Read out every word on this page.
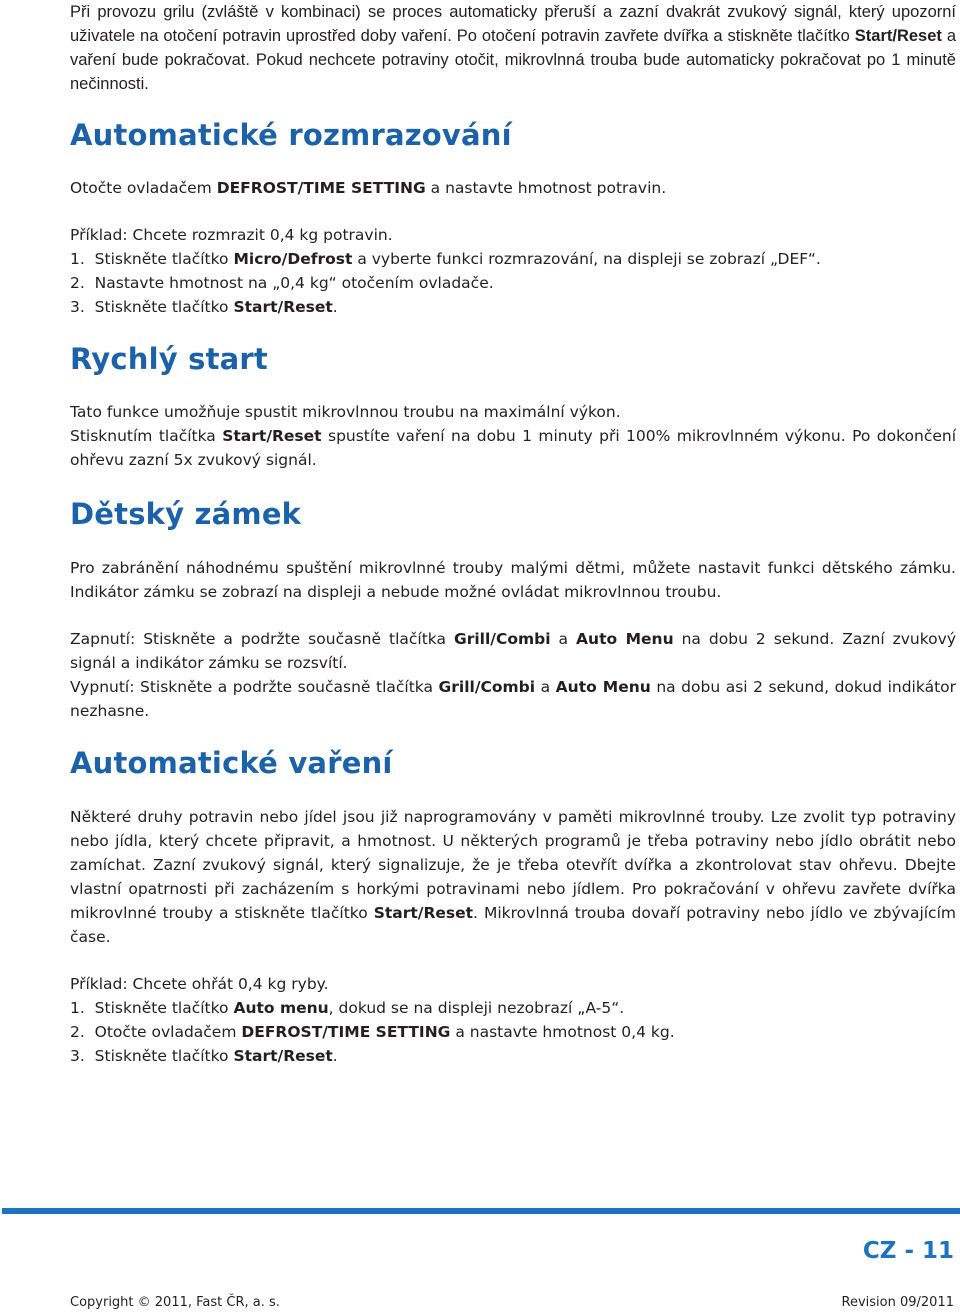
Při provozu grilu (zvláště v kombinaci) se proces automaticky přeruší a zazní dvakrát zvukový signál, který upozorní uživatele na otočení potravin uprostřed doby vaření. Po otočení potravin zavřete dvířka a stiskněte tlačítko Start/Reset a vaření bude pokračovat. Pokud nechcete potraviny otočit, mikrovlnná trouba bude automaticky pokračovat po 1 minutě nečinnosti.

Automatické rozmrazování
Otočte ovladačem DEFROST/TIME SETTING a nastavte hmotnost potravin.
Příklad: Chcete rozmrazit 0,4 kg potravin.
1. Stiskněte tlačítko Micro/Defrost a vyberte funkci rozmrazování, na displeji se zobrazí „DEF“.
2. Nastavte hmotnost na „0,4 kg“ otočením ovladače.
3. Stiskněte tlačítko Start/Reset.
Rychlý start
Tato funkce umožňuje spustit mikrovlnnou troubu na maximální výkon.

Stisknutím tlačítka Start/Reset spustíte vaření na dobu 1 minuty při 100% mikrovlnném výkonu. Po dokončení ohřevu zazní 5x zvukový signál.

Dětský zámek

Pro zabránění náhodnému spuštění mikrovlnné trouby malými dětmi, můžete nastavit funkci dětského zámku. Indikátor zámku se zobrazí na displeji a nebude možné ovládat mikrovlnnou troubu.

Zapnutí: Stiskněte a podržte současně tlačítka Grill/Combi a Auto Menu na dobu 2 sekund. Zazní zvukový signál a indikátor zámku se rozsvítí.

Vypnutí: Stiskněte a podržte současně tlačítka Grill/Combi a Auto Menu na dobu asi 2 sekund, dokud indikátor nezhasne.

Automatické vaření

Některé druhy potravin nebo jídel jsou již naprogramovány v paměti mikrovlnné trouby. Lze zvolit typ potraviny nebo jídla, který chcete připravit, a hmotnost. U některých programů je třeba potraviny nebo jídlo obrátit nebo zamíchat. Zazní zvukový signál, který signalizuje, že je třeba otevřít dvířka a zkontrolovat stav ohřevu. Dbejte vlastní opatrnosti při zacházením s horkými potravinami nebo jídlem. Pro pokračování v ohřevu zavřete dvířka mikrovlnné trouby a stiskněte tlačítko Start/Reset. Mikrovlnná trouba dovaří potraviny nebo jídlo ve zbývajícím čase.

Příklad: Chcete ohřát 0,4 kg ryby.
1. Stiskněte tlačítko Auto menu, dokud se na displeji nezobrazí „A-5“.
2. Otočte ovladačem DEFROST/TIME SETTING a nastavte hmotnost 0,4 kg.
3. Stiskněte tlačítko Start/Reset.
CZ - 11
Copyright © 2011, Fast ČR, a. s.	Revision 09/2011
